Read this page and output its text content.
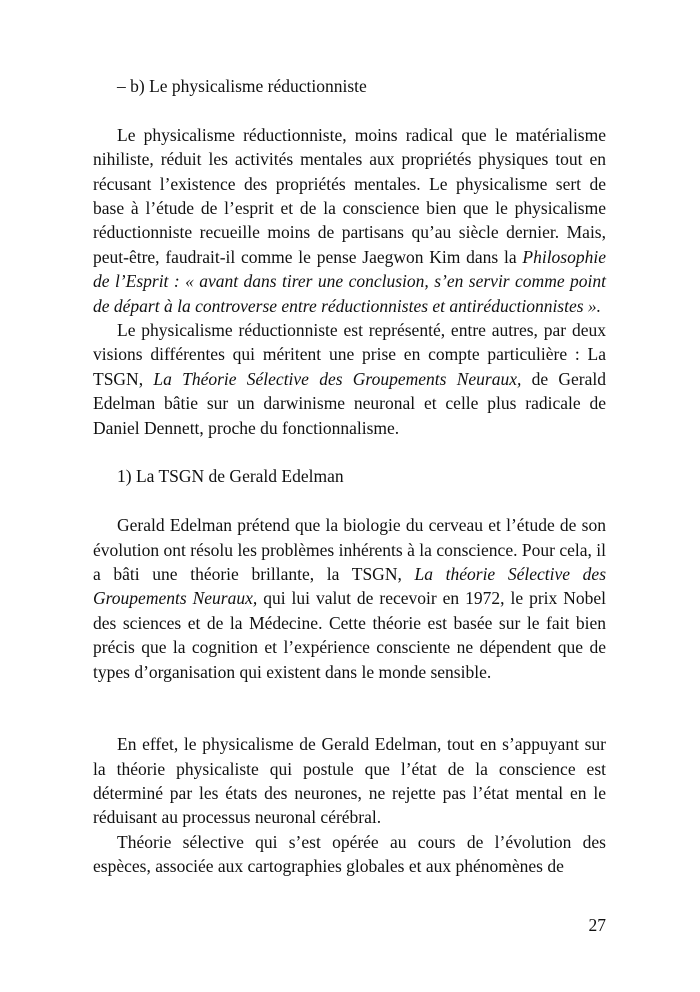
– b) Le physicalisme réductionniste

Le physicalisme réductionniste, moins radical que le matérialisme nihiliste, réduit les activités mentales aux propriétés physiques tout en récusant l’existence des propriétés mentales. Le physicalisme sert de base à l’étude de l’esprit et de la conscience bien que le physicalisme réductionniste recueille moins de partisans qu’au siècle dernier. Mais, peut-être, faudrait-il comme le pense Jaegwon Kim dans la Philosophie de l’Esprit : « avant dans tirer une conclusion, s’en servir comme point de départ à la controverse entre réductionnistes et antiréductionnistes ».

Le physicalisme réductionniste est représenté, entre autres, par deux visions différentes qui méritent une prise en compte particulière : La TSGN, La Théorie Sélective des Groupements Neuraux, de Gerald Edelman bâtie sur un darwinisme neuronal et celle plus radicale de Daniel Dennett, proche du fonctionnalisme.

1) La TSGN de Gerald Edelman

Gerald Edelman prétend que la biologie du cerveau et l’étude de son évolution ont résolu les problèmes inhérents à la conscience. Pour cela, il a bâti une théorie brillante, la TSGN, La théorie Sélective des Groupements Neuraux, qui lui valut de recevoir en 1972, le prix Nobel des sciences et de la Médecine. Cette théorie est basée sur le fait bien précis que la cognition et l’expérience consciente ne dépendent que de types d’organisation qui existent dans le monde sensible.

En effet, le physicalisme de Gerald Edelman, tout en s’appuyant sur la théorie physicaliste qui postule que l’état de la conscience est déterminé par les états des neurones, ne rejette pas l’état mental en le réduisant au processus neuronal cérébral.

Théorie sélective qui s’est opérée au cours de l’évolution des espèces, associée aux cartographies globales et aux phénomènes de

27
